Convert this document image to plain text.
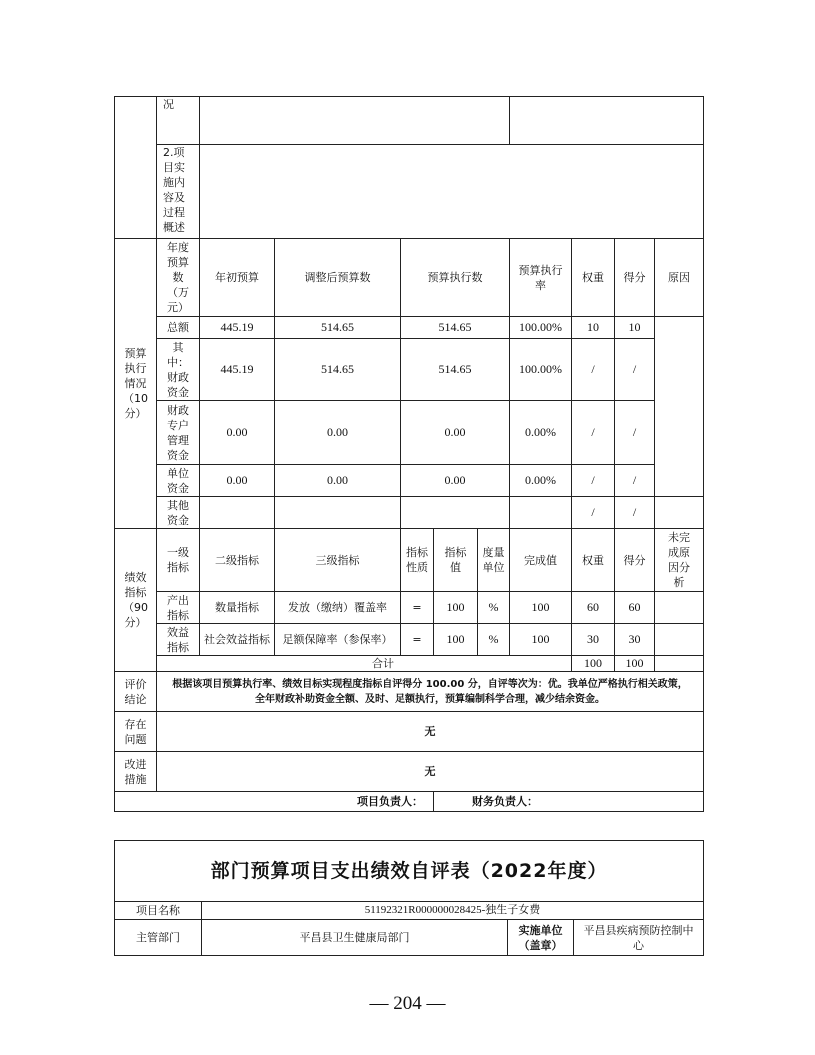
	况									

	2.项目实施内容及过程概述									

预算执行情况（10分）	年度预算数（万元）	年初预算	调整后预算数	预算执行数			预算执行率	权重	得分	原因
	总额	445.19	514.65	514.65			100.00%	10	10	

	其中：财政资金	445.19	514.65	514.65			100.00%	/	/	

	财政专户管理资金	0.00	0.00	0.00			0.00%	/	/	

	单位资金	0.00	0.00	0.00			0.00%	/	/	

	其他资金							/	/	

绩效指标（90分）	一级指标	二级指标	三级指标	指标性质	指标值	度量单位	完成值	权重	得分	未完成原因分析

	产出指标	数量指标	发放（缴纳）覆盖率	=	100	%	100	60	60	

	效益指标	社会效益指标	足额保障率（参保率）	=	100	%	100	30	30	
	合计							100	100	

评价结论	根据该项目预算执行率、绩效目标实现程度指标自评得分 100.00 分，自评等次为：优。我单位严格执行相关政策，
全年财政补助资金全额、及时、足额执行，预算编制科学合理，减少结余资金。									

存在问题	无									

改进措施	无									
项目负责人：					财务负责人：					
部门预算项目支出绩效自评表（2022年度）			
项目名称	51192321R000000028425-独生子女费		
主管部门	平昌县卫生健康局部门	实施单位（盖章）	平昌县疾病预防控制中心
— 204 —
